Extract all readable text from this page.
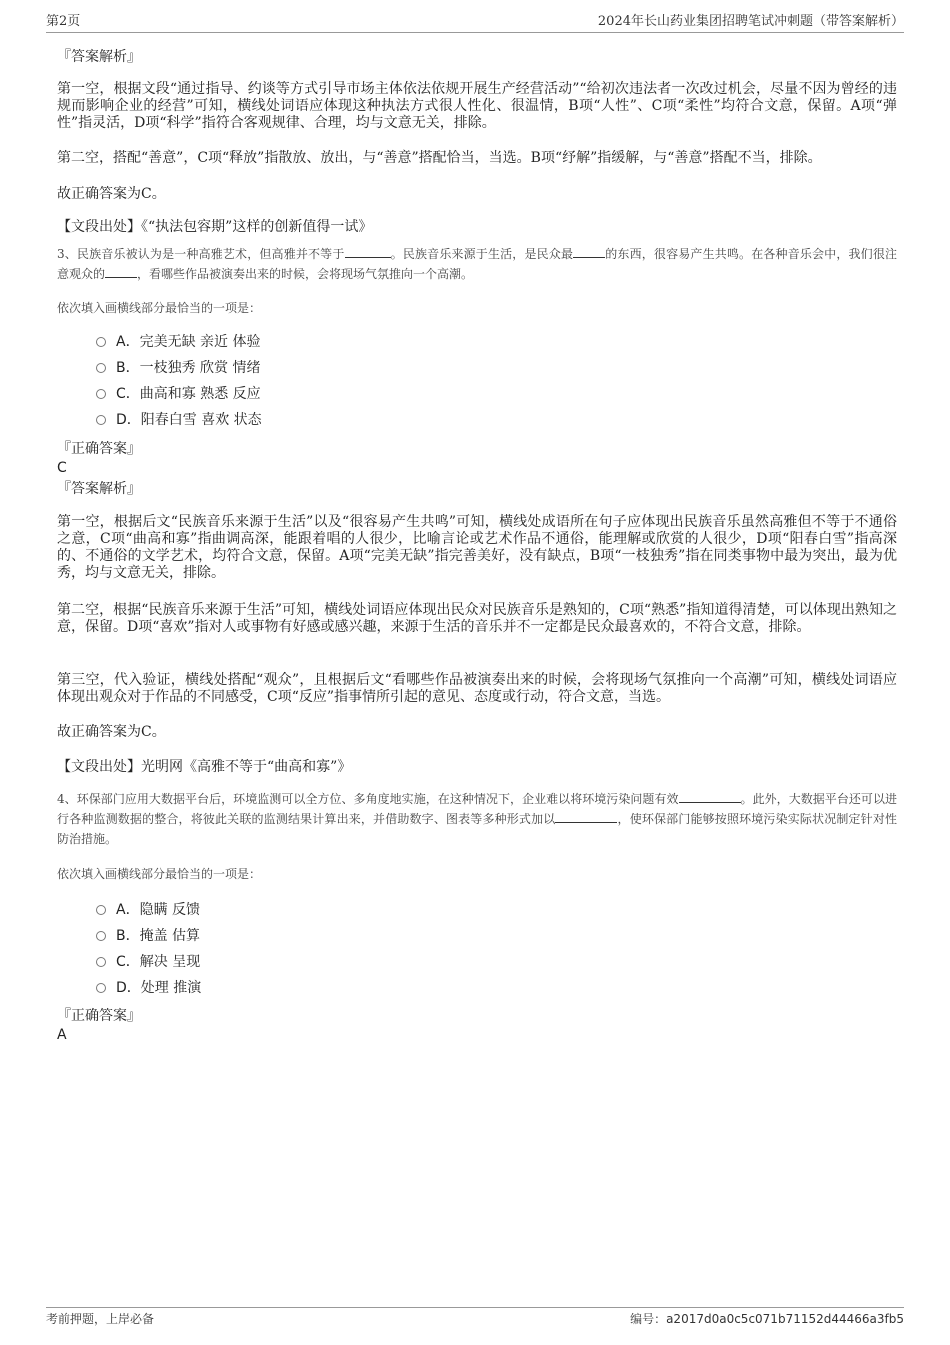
第2页	2024年长山药业集团招聘笔试冲刺题（带答案解析）
『答案解析』

第一空，根据文段“通过指导、约谈等方式引导市场主体依法依规开展生产经营活动”“给初次违法者一次改过机会，尽量不因为曾经的违规而影响企业的经营”可知，横线处词语应体现这种执法方式很人性化、很温情，B项“人性”、C项“柔性”均符合文意，保留。A项“弹性”指灵活，D项“科学”指符合客观规律、合理，均与文意无关，排除。

第二空，搭配“善意”，C项“释放”指散放、放出，与“善意”搭配恰当，当选。B项“纾解”指缓解，与“善意”搭配不当，排除。

故正确答案为C。
【文段出处】《“执法包容期”这样的创新值得一试》

3、民族音乐被认为是一种高雅艺术，但高雅并不等于	。民族音乐来源于生活，是民众最	的东西，很容易产生共鸣。在各种音乐会中，我们很注意观众的	，看哪些作品被演奏出来的时候，会将现场气氛推向一个高潮。

依次填入画横线部分最恰当的一项是：
A．完美无缺 亲近 体验
B．一枝独秀 欣赏 情绪
C．曲高和寡 熟悉 反应
D．阳春白雪 喜欢 状态
『正确答案』
C
『答案解析』

第一空，根据后文“民族音乐来源于生活”以及“很容易产生共鸣”可知，横线处成语所在句子应体现出民族音乐虽然高雅但不等于不通俗之意，C项“曲高和寡”指曲调高深，能跟着唱的人很少，比喻言论或艺术作品不通俗，能理解或欣赏的人很少，D项“阳春白雪”指高深的、不通俗的文学艺术，均符合文意，保留。A项“完美无缺”指完善美好，没有缺点，B项“一枝独秀”指在同类事物中最为突出，最为优秀，均与文意无关，排除。

第二空，根据“民族音乐来源于生活”可知，横线处词语应体现出民众对民族音乐是熟知的，C项“熟悉”指知道得清楚，可以体现出熟知之意，保留。D项“喜欢”指对人或事物有好感或感兴趣，来源于生活的音乐并不一定都是民众最喜欢的，不符合文意，排除。

第三空，代入验证，横线处搭配“观众”，且根据后文“看哪些作品被演奏出来的时候，会将现场气氛推向一个高潮”可知，横线处词语应体现出观众对于作品的不同感受，C项“反应”指事情所引起的意见、态度或行动，符合文意，当选。

故正确答案为C。
【文段出处】光明网《高雅不等于“曲高和寡”》

4、环保部门应用大数据平台后，环境监测可以全方位、多角度地实施，在这种情况下，企业难以将环境污染问题有效	。此外，大数据平台还可以进行各种监测数据的整合，将彼此关联的监测结果计算出来，并借助数字、图表等多种形式加以	，使环保部门能够按照环境污染实际状况制定针对性防治措施。

依次填入画横线部分最恰当的一项是：
A．隐瞒 反馈
B．掩盖 估算
C．解决 呈现
D．处理 推演
『正确答案』
A
考前押题，上岸必备	编号：a2017d0a0c5c071b71152d44466a3fb5
